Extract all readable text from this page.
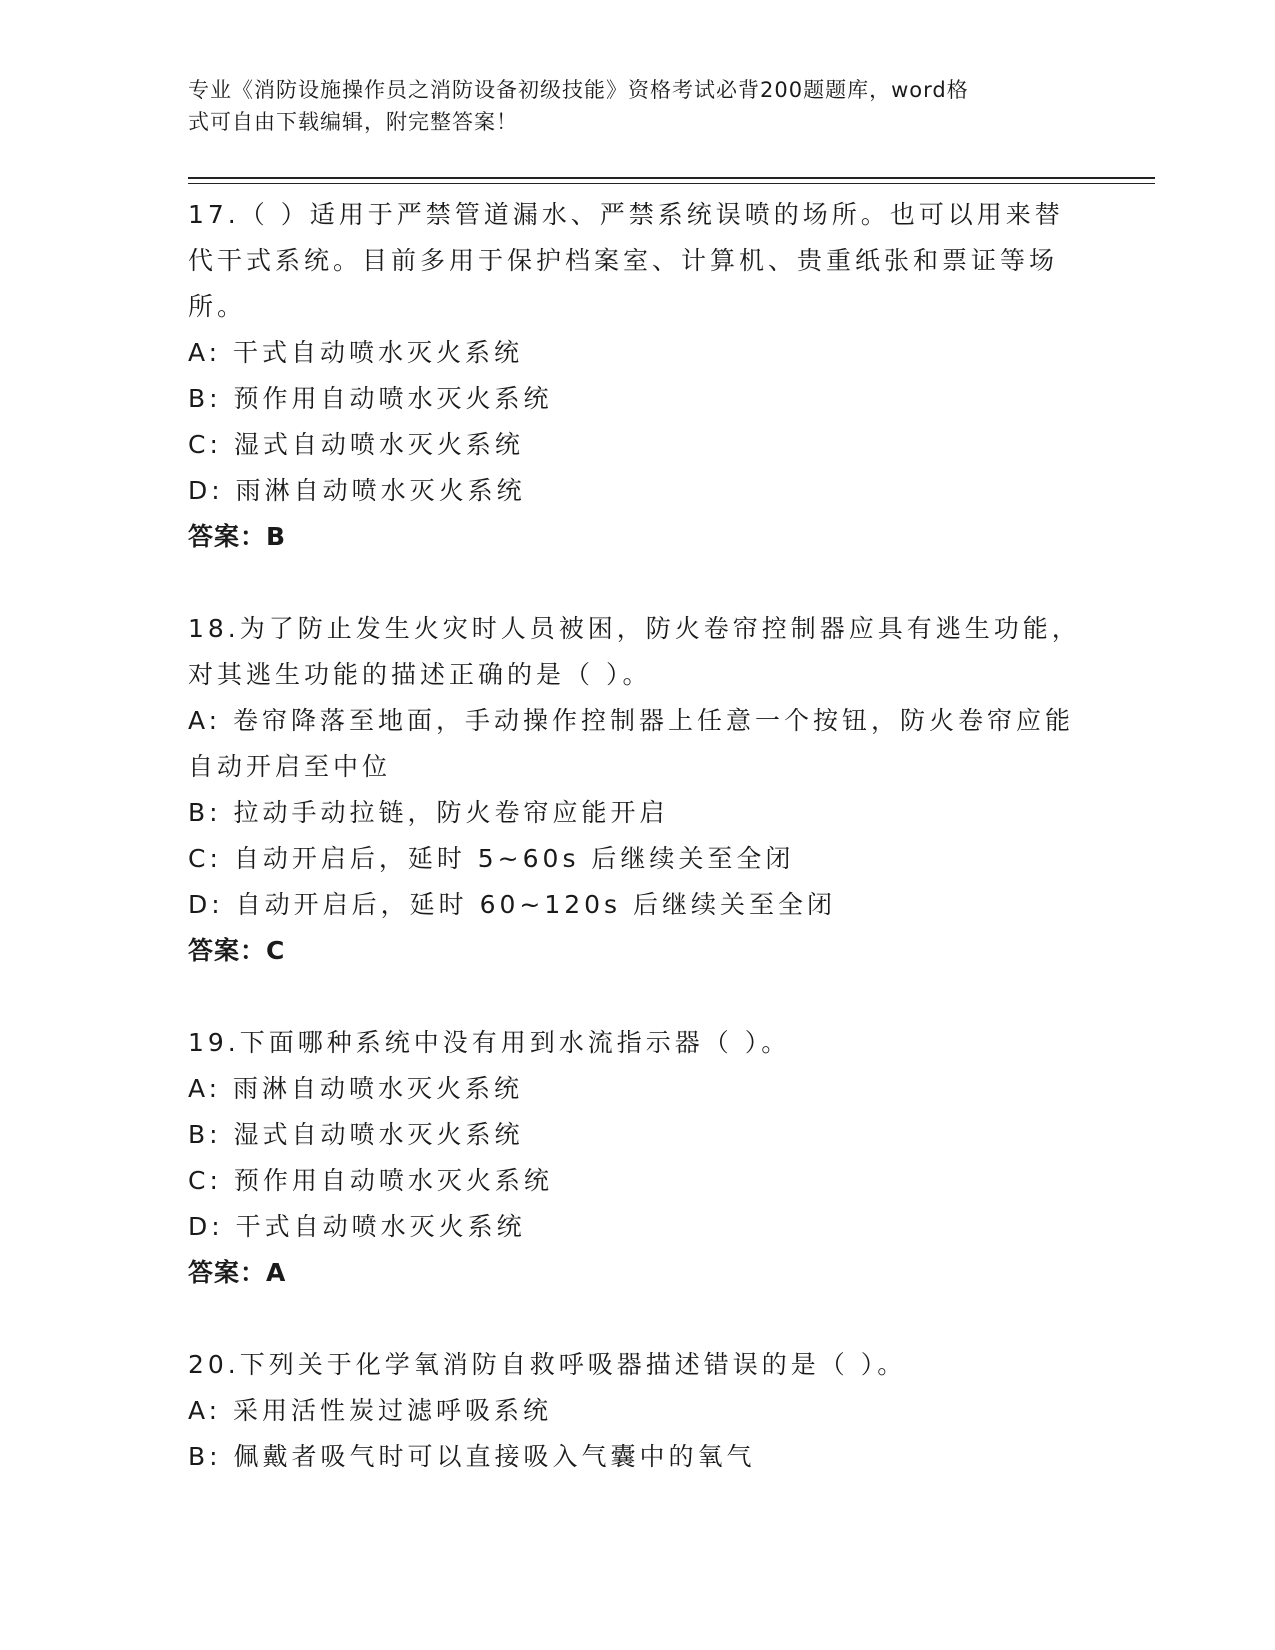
专业《消防设施操作员之消防设备初级技能》资格考试必背200题题库，word格
式可自由下载编辑，附完整答案！

17.（ ）适用于严禁管道漏水、严禁系统误喷的场所。也可以用来替

代干式系统。目前多用于保护档案室、计算机、贵重纸张和票证等场

所。

A: 干式自动喷水灭火系统

B: 预作用自动喷水灭火系统

C: 湿式自动喷水灭火系统

D: 雨淋自动喷水灭火系统

答案：B

18.为了防止发生火灾时人员被困，防火卷帘控制器应具有逃生功能，

对其逃生功能的描述正确的是（ ）。

A: 卷帘降落至地面，手动操作控制器上任意一个按钮，防火卷帘应能

自动开启至中位

B: 拉动手动拉链，防火卷帘应能开启

C: 自动开启后，延时 5~60s 后继续关至全闭

D: 自动开启后，延时 60~120s 后继续关至全闭

答案：C

19.下面哪种系统中没有用到水流指示器（ ）。

A: 雨淋自动喷水灭火系统

B: 湿式自动喷水灭火系统

C: 预作用自动喷水灭火系统

D: 干式自动喷水灭火系统

答案：A

20.下列关于化学氧消防自救呼吸器描述错误的是（ ）。

A: 采用活性炭过滤呼吸系统

B: 佩戴者吸气时可以直接吸入气囊中的氧气
